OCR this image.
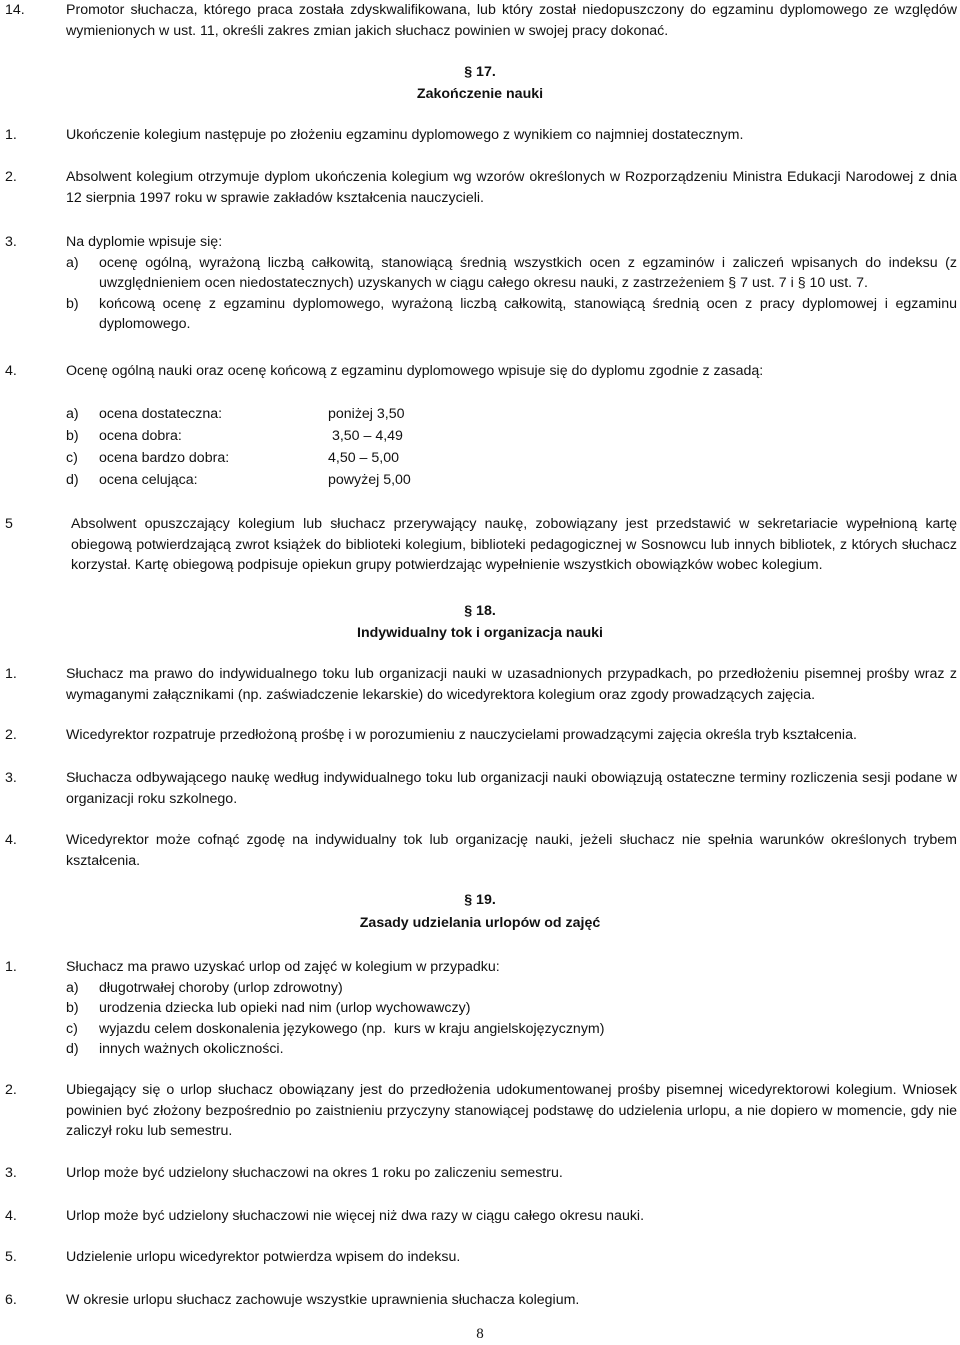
14.	Promotor słuchacza, którego praca została zdyskwalifikowana, lub który został niedopuszczony do egzaminu dyplomowego ze względów wymienionych w ust. 11, określi zakres zmian jakich słuchacz powinien w swojej pracy dokonać.
§ 17.
Zakończenie nauki
1.	Ukończenie kolegium następuje po złożeniu egzaminu dyplomowego z wynikiem co najmniej dostatecznym.
2.	Absolwent kolegium otrzymuje dyplom ukończenia kolegium wg wzorów określonych w Rozporządzeniu Ministra Edukacji Narodowej z dnia 12 sierpnia 1997 roku w sprawie zakładów kształcenia nauczycieli.
3.	Na dyplomie wpisuje się:
a) ocenę ogólną, wyrażoną liczbą całkowitą, stanowiącą średnią wszystkich ocen z egzaminów i zaliczeń wpisanych do indeksu (z uwzględnieniem ocen niedostatecznych) uzyskanych w ciągu całego okresu nauki, z zastrzeżeniem § 7 ust. 7 i § 10 ust. 7.
b) końcową ocenę z egzaminu dyplomowego, wyrażoną liczbą całkowitą, stanowiącą średnią ocen z pracy dyplomowej i egzaminu dyplomowego.
4.	Ocenę ogólną nauki oraz ocenę końcową z egzaminu dyplomowego wpisuje się do dyplomu zgodnie z zasadą:
a) ocena dostateczna:	poniżej 3,50
b) ocena dobra:	3,50 – 4,49
c) ocena bardzo dobra:	4,50 – 5,00
d) ocena celująca:	powyżej 5,00
5	Absolwent opuszczający kolegium lub słuchacz przerywający naukę, zobowiązany jest przedstawić w sekretariacie wypełnioną kartę obiegową potwierdzającą zwrot książek do biblioteki kolegium, biblioteki pedagogicznej w Sosnowcu lub innych bibliotek, z których słuchacz korzystał. Kartę obiegową podpisuje opiekun grupy potwierdzając wypełnienie wszystkich obowiązków wobec kolegium.
§ 18.
Indywidualny tok i organizacja nauki
1.	Słuchacz ma prawo do indywidualnego toku lub organizacji nauki w uzasadnionych przypadkach, po przedłożeniu pisemnej prośby wraz z wymaganymi załącznikami (np. zaświadczenie lekarskie) do wicedyrektora kolegium oraz zgody prowadzących zajęcia.
2.	Wicedyrektor rozpatruje przedłożoną prośbę i w porozumieniu z nauczycielami prowadzącymi zajęcia określa tryb kształcenia.
3.	Słuchacza odbywającego naukę według indywidualnego toku lub organizacji nauki obowiązują ostateczne terminy rozliczenia sesji podane w organizacji roku szkolnego.
4.	Wicedyrektor może cofnąć zgodę na indywidualny tok lub organizację nauki, jeżeli słuchacz nie spełnia warunków określonych trybem kształcenia.
§ 19.
Zasady udzielania urlopów od zajęć
1.	Słuchacz ma prawo uzyskać urlop od zajęć w kolegium w przypadku:
a) długotrwałej choroby (urlop zdrowotny)
b) urodzenia dziecka lub opieki nad nim (urlop wychowawczy)
c) wyjazdu celem doskonalenia językowego (np.  kurs w kraju angielskojęzycznym)
d) innych ważnych okoliczności.
2.	Ubiegający się o urlop słuchacz obowiązany jest do przedłożenia udokumentowanej prośby pisemnej wicedyrektorowi kolegium. Wniosek powinien być złożony bezpośrednio po zaistnieniu przyczyny stanowiącej podstawę do udzielenia urlopu, a nie dopiero w momencie, gdy nie zaliczył roku lub semestru.
3.	Urlop może być udzielony słuchaczowi na okres 1 roku po zaliczeniu semestru.
4.	Urlop może być udzielony słuchaczowi nie więcej niż dwa razy w ciągu całego okresu nauki.
5.	Udzielenie urlopu wicedyrektor potwierdza wpisem do indeksu.
6.	W okresie urlopu słuchacz zachowuje wszystkie uprawnienia słuchacza kolegium.
8
